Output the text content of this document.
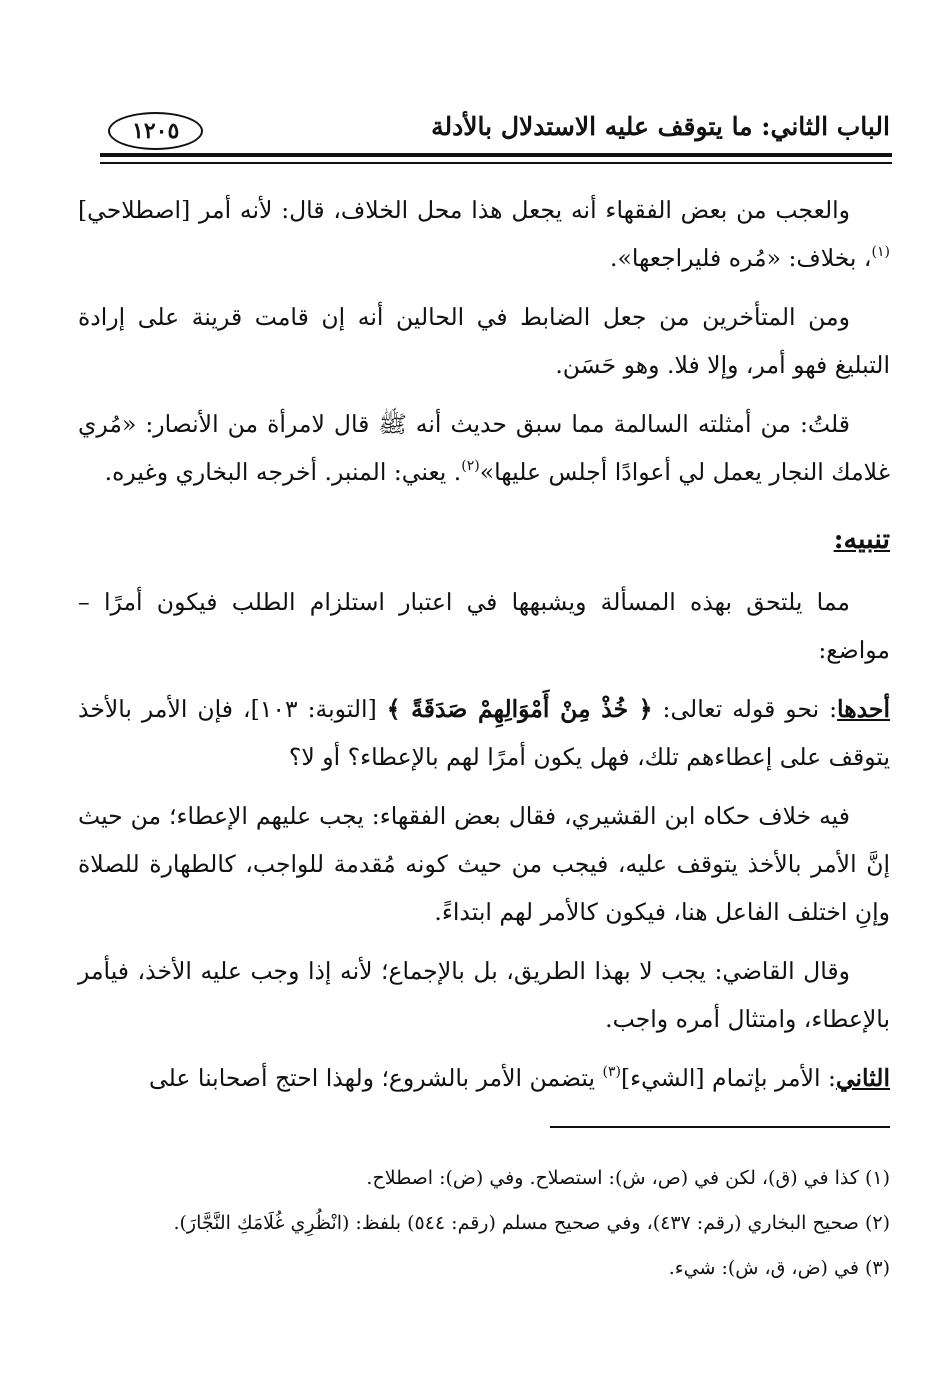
الباب الثاني: ما يتوقف عليه الاستدلال بالأدلة
١٢٠٥

والعجب من بعض الفقهاء أنه يجعل هذا محل الخلاف، قال: لأنه أمر [اصطلاحي]$^{(١)}$، بخلاف: «مُره فليراجعها».

ومن المتأخرين من جعل الضابط في الحالين أنه إن قامت قرينة على إرادة التبليغ فهو أمر، وإلا فلا. وهو حَسَن.

قلتُ: من أمثلته السالمة مما سبق حديث أنه ﷺ قال لامرأة من الأنصار: «مُري غلامك النجار يعمل لي أعوادًا أجلس عليها»$^{(٢)}$. يعني: المنبر. أخرجه البخاري وغيره.

تنبيه:

مما يلتحق بهذه المسألة ويشبهها في اعتبار استلزام الطلب فيكون أمرًا – مواضع:

أحدها: نحو قوله تعالى: ﴿ خُذْ مِنْ أَمْوَالِهِمْ صَدَقَةً ﴾ [التوبة: ١٠٣]، فإن الأمر بالأخذ يتوقف على إعطاءهم تلك، فهل يكون أمرًا لهم بالإعطاء؟ أو لا؟

فيه خلاف حكاه ابن القشيري، فقال بعض الفقهاء: يجب عليهم الإعطاء؛ من حيث إنَّ الأمر بالأخذ يتوقف عليه، فيجب من حيث كونه مُقدمة للواجب، كالطهارة للصلاة وإنِ اختلف الفاعل هنا، فيكون كالأمر لهم ابتداءً.

وقال القاضي: يجب لا بهذا الطريق، بل بالإجماع؛ لأنه إذا وجب عليه الأخذ، فيأمر بالإعطاء، وامتثال أمره واجب.

الثاني: الأمر بإتمام [الشيء]$^{(٣)}$ يتضمن الأمر بالشروع؛ ولهذا احتج أصحابنا على

(١) كذا في (ق)، لكن في (ص، ش): استصلاح. وفي (ض): اصطلاح.
(٢) صحيح البخاري (رقم: ٤٣٧)، وفي صحيح مسلم (رقم: ٥٤٤) بلفظ: (انْظُرِي غُلَامَكِ النَّجَّارَ).
(٣) في (ض، ق، ش): شيء.
